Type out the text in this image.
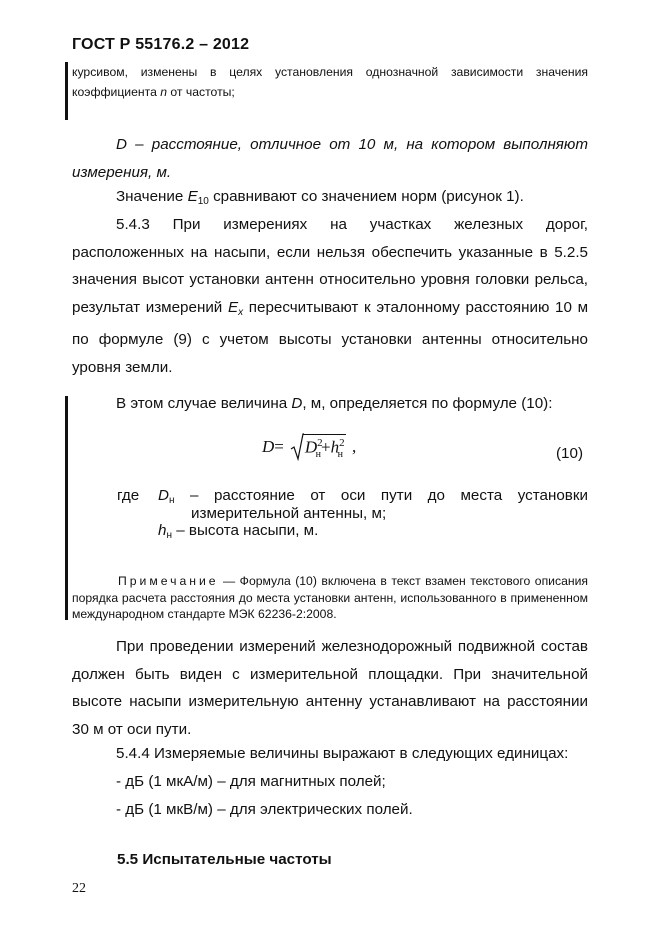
ГОСТ Р 55176.2 – 2012
курсивом, изменены в целях установления однозначной зависимости значения
коэффициента n от частоты;
D – расстояние, отличное от 10 м, на котором выполняют измерения, м.
Значение $E_{10}$ сравнивают со значением норм (рисунок 1).
5.4.3 При измерениях на участках железных дорог, расположенных на насыпи, если нельзя обеспечить указанные в 5.2.5 значения высот установки антенн относительно уровня головки рельса, результат измерений $E_x$ пересчитывают к эталонному расстоянию 10 м по формуле (9) с учетом высоты установки антенны относительно уровня земли.
В этом случае величина D, м, определяется по формуле (10):
$D = D^2_н+h^2_н$ ,	(10)
где $D_н$ – расстояние от оси пути до места установки
измерительной антенны, м;
$h_н$ – высота насыпи, м.
Примечание — Формула (10) включена в текст взамен текстового описания порядка расчета расстояния до места установки антенн, использованного в примененном международном стандарте МЭК 62236-2:2008.
При проведении измерений железнодорожный подвижной состав должен быть виден с измерительной площадки. При значительной высоте насыпи измерительную антенну устанавливают на расстоянии 30 м от оси пути.
5.4.4 Измеряемые величины выражают в следующих единицах:
- дБ (1 мкА/м) – для магнитных полей;
- дБ (1 мкВ/м) – для электрических полей.
5.5 Испытательные частоты
22
